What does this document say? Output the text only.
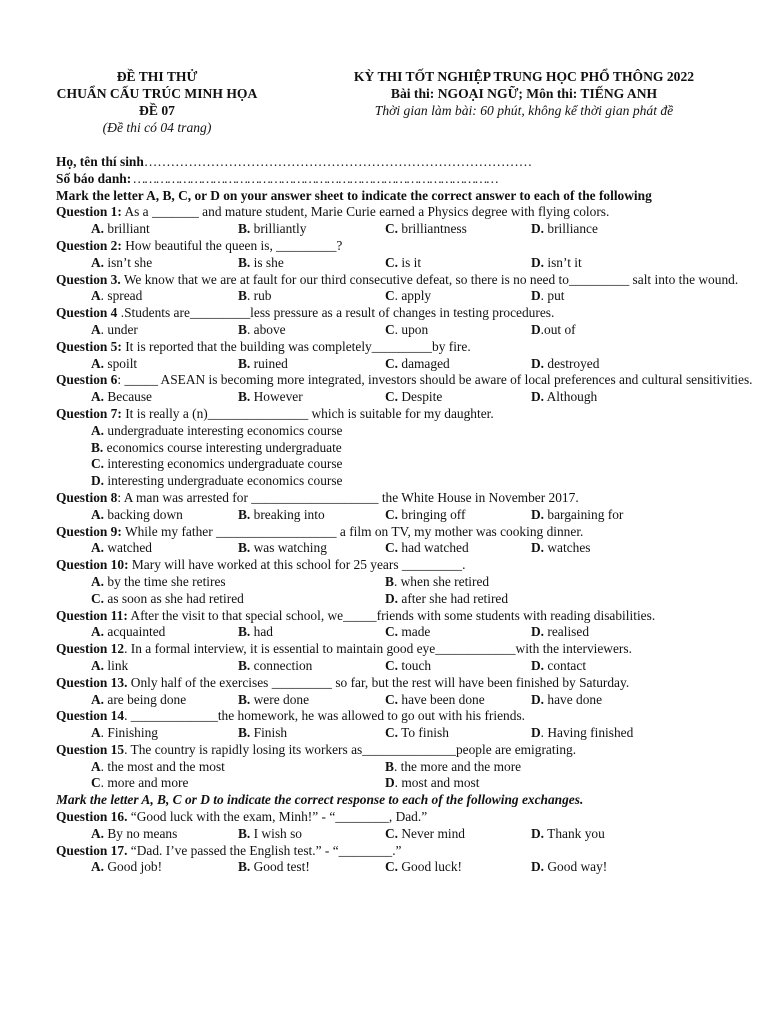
ĐỀ THI THỬ
CHUẨN CẤU TRÚC MINH HỌA
ĐỀ 07
(Đề thi có 04 trang)
KỲ THI TỐT NGHIỆP TRUNG HỌC PHỔ THÔNG 2022
Bài thi: NGOẠI NGỮ; Môn thi: TIẾNG ANH
Thời gian làm bài: 60 phút, không kể thời gian phát đề
Họ, tên thí sinh……………………………………………………………………………
Số báo danh: ……………………………………………………………………………………
Mark the letter A, B, C, or D on your answer sheet to indicate the correct answer to each of the following
Question 1: As a _______ and mature student, Marie Curie earned a Physics degree with flying colors.
A. brilliant	B. brilliantly	C. brilliantness	D. brilliance
Question 2: How beautiful the queen is, _________?
A. isn’t she	B. is she	C. is it	D. isn’t it
Question 3. We know that we are at fault for our third consecutive defeat, so there is no need to_________ salt into the wound.
A. spread	B. rub	C. apply	D. put
Question 4 .Students are_________less pressure as a result of changes in testing procedures.
A. under	B. above	C. upon	D.out of
Question 5: It is reported that the building was completely_________by fire.
A. spoilt	B. ruined	C. damaged	D. destroyed
Question 6: _____ ASEAN is becoming more integrated, investors should be aware of local preferences and cultural sensitivities.
A. Because	B. However	C. Despite	D. Although
Question 7: It is really a (n)_______________ which is suitable for my daughter.
A. undergraduate interesting economics course
B. economics course interesting undergraduate
C. interesting economics undergraduate course
D. interesting undergraduate economics course
Question 8: A man was arrested for ___________________ the White House in November 2017.
A. backing down	B. breaking into	C. bringing off	D. bargaining for
Question 9: While my father __________________ a film on TV, my mother was cooking dinner.
A. watched	B. was watching	C. had watched	D. watches
Question 10: Mary will have worked at this school for 25 years _________.
A. by the time she retires	B. when she retired
C. as soon as she had retired	D. after she had retired
Question 11: After the visit to that special school, we_____friends with some students with reading disabilities.
A. acquainted	B. had	C. made	D. realised
Question 12. In a formal interview, it is essential to maintain good eye____________with the interviewers.
A. link	B. connection	C. touch	D. contact
Question 13. Only half of the exercises _________ so far, but the rest will have been finished by Saturday.
A. are being done	B. were done	C. have been done	D. have done
Question 14. _____________the homework, he was allowed to go out with his friends.
A. Finishing	B. Finish	C. To finish	D. Having finished
Question 15. The country is rapidly losing its workers as______________people are emigrating.
A. the most and the most	B. the more and the more
C. more and more	D. most and most
Mark the letter A, B, C or D to indicate the correct response to each of the following exchanges.
Question 16. “Good luck with the exam, Minh!” - “________, Dad.”
A. By no means	B. I wish so	C. Never mind	D. Thank you
Question 17. “Dad. I’ve passed the English test.” - “________.”
A. Good job!	B. Good test!	C. Good luck!	D. Good way!
